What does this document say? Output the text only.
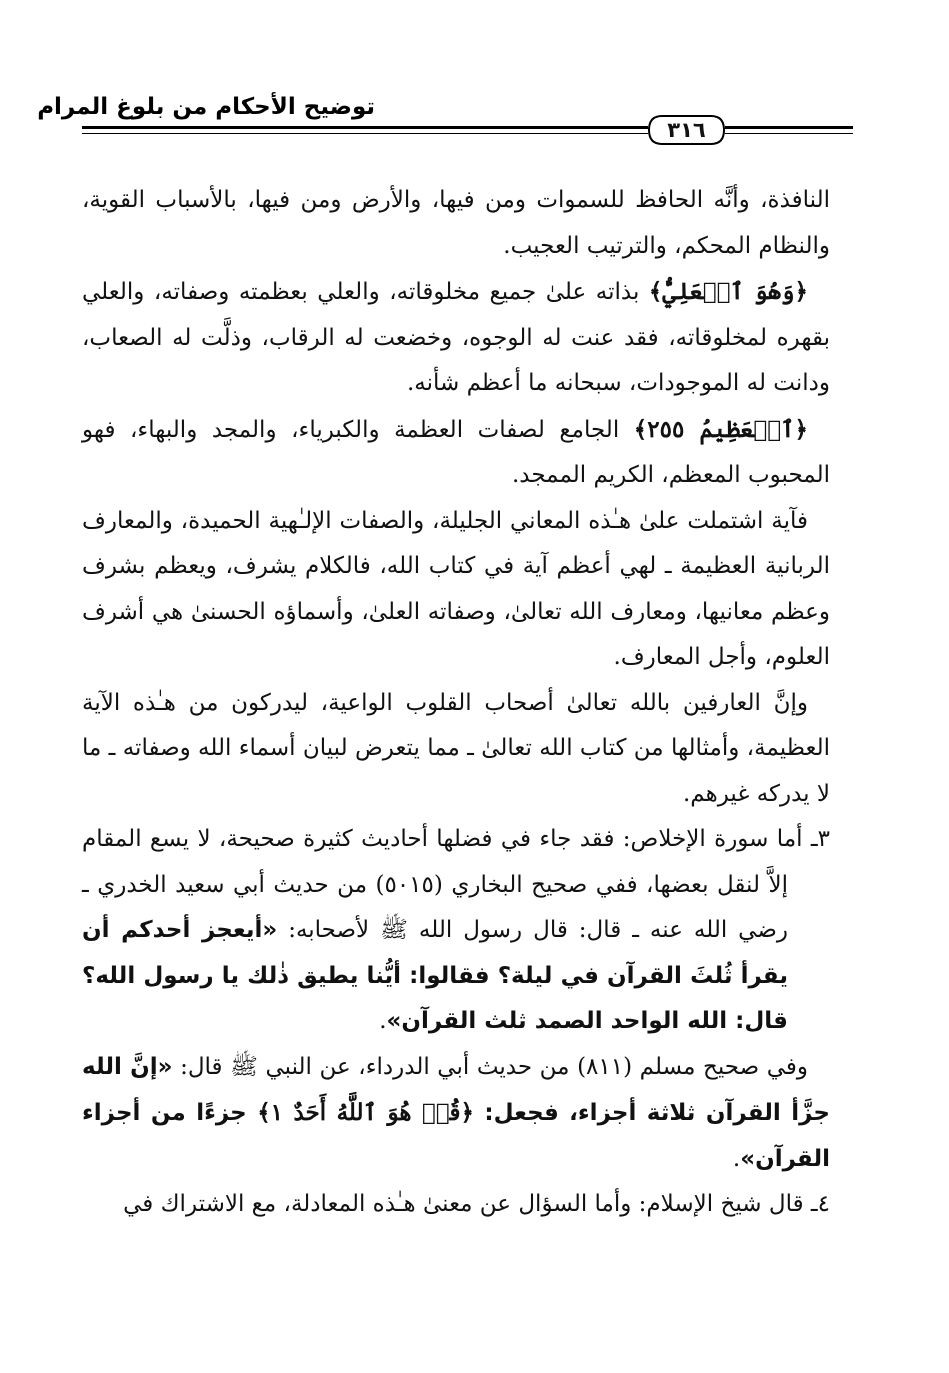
توضيح الأحكام من بلوغ المرام
٣١٦

النافذة، وأنَّه الحافظ للسموات ومن فيها، والأرض ومن فيها، بالأسباب القوية، والنظام المحكم، والترتيب العجيب.

﴿وَهُوَ ٱلۡعَلِيُّ﴾ بذاته علىٰ جميع مخلوقاته، والعلي بعظمته وصفاته، والعلي بقهره لمخلوقاته، فقد عنت له الوجوه، وخضعت له الرقاب، وذلَّت له الصعاب، ودانت له الموجودات، سبحانه ما أعظم شأنه.

﴿ٱلۡعَظِيمُ ٢٥٥﴾ الجامع لصفات العظمة والكبرياء، والمجد والبهاء، فهو المحبوب المعظم، الكريم الممجد.

فآية اشتملت علىٰ هـٰذه المعاني الجليلة، والصفات الإلـٰهية الحميدة، والمعارف الربانية العظيمة ـ لهي أعظم آية في كتاب الله، فالكلام يشرف، ويعظم بشرف وعظم معانيها، ومعارف الله تعالىٰ، وصفاته العلىٰ، وأسماؤه الحسنىٰ هي أشرف العلوم، وأجل المعارف.

وإنَّ العارفين بالله تعالىٰ أصحاب القلوب الواعية، ليدركون من هـٰذه الآية العظيمة، وأمثالها من كتاب الله تعالىٰ ـ مما يتعرض لبيان أسماء الله وصفاته ـ ما لا يدركه غيرهم.

٣ـ أما سورة الإخلاص: فقد جاء في فضلها أحاديث كثيرة صحيحة، لا يسع المقام إلاَّ لنقل بعضها، ففي صحيح البخاري (٥٠١٥) من حديث أبي سعيد الخدري ـ رضي الله عنه ـ قال: قال رسول الله ﷺ لأصحابه: «أيعجز أحدكم أن يقرأ ثُلثَ القرآن في ليلة؟ فقالوا: أيُّنا يطيق ذٰلك يا رسول الله؟ قال: الله الواحد الصمد ثلث القرآن».

وفي صحيح مسلم (٨١١) من حديث أبي الدرداء، عن النبي ﷺ قال: «إنَّ الله جزَّأ القرآن ثلاثة أجزاء، فجعل: ﴿قُلۡ هُوَ ٱللَّهُ أَحَدٌ ١﴾ جزءًا من أجزاء القرآن».

٤ـ قال شيخ الإسلام: وأما السؤال عن معنىٰ هـٰذه المعادلة، مع الاشتراك في
